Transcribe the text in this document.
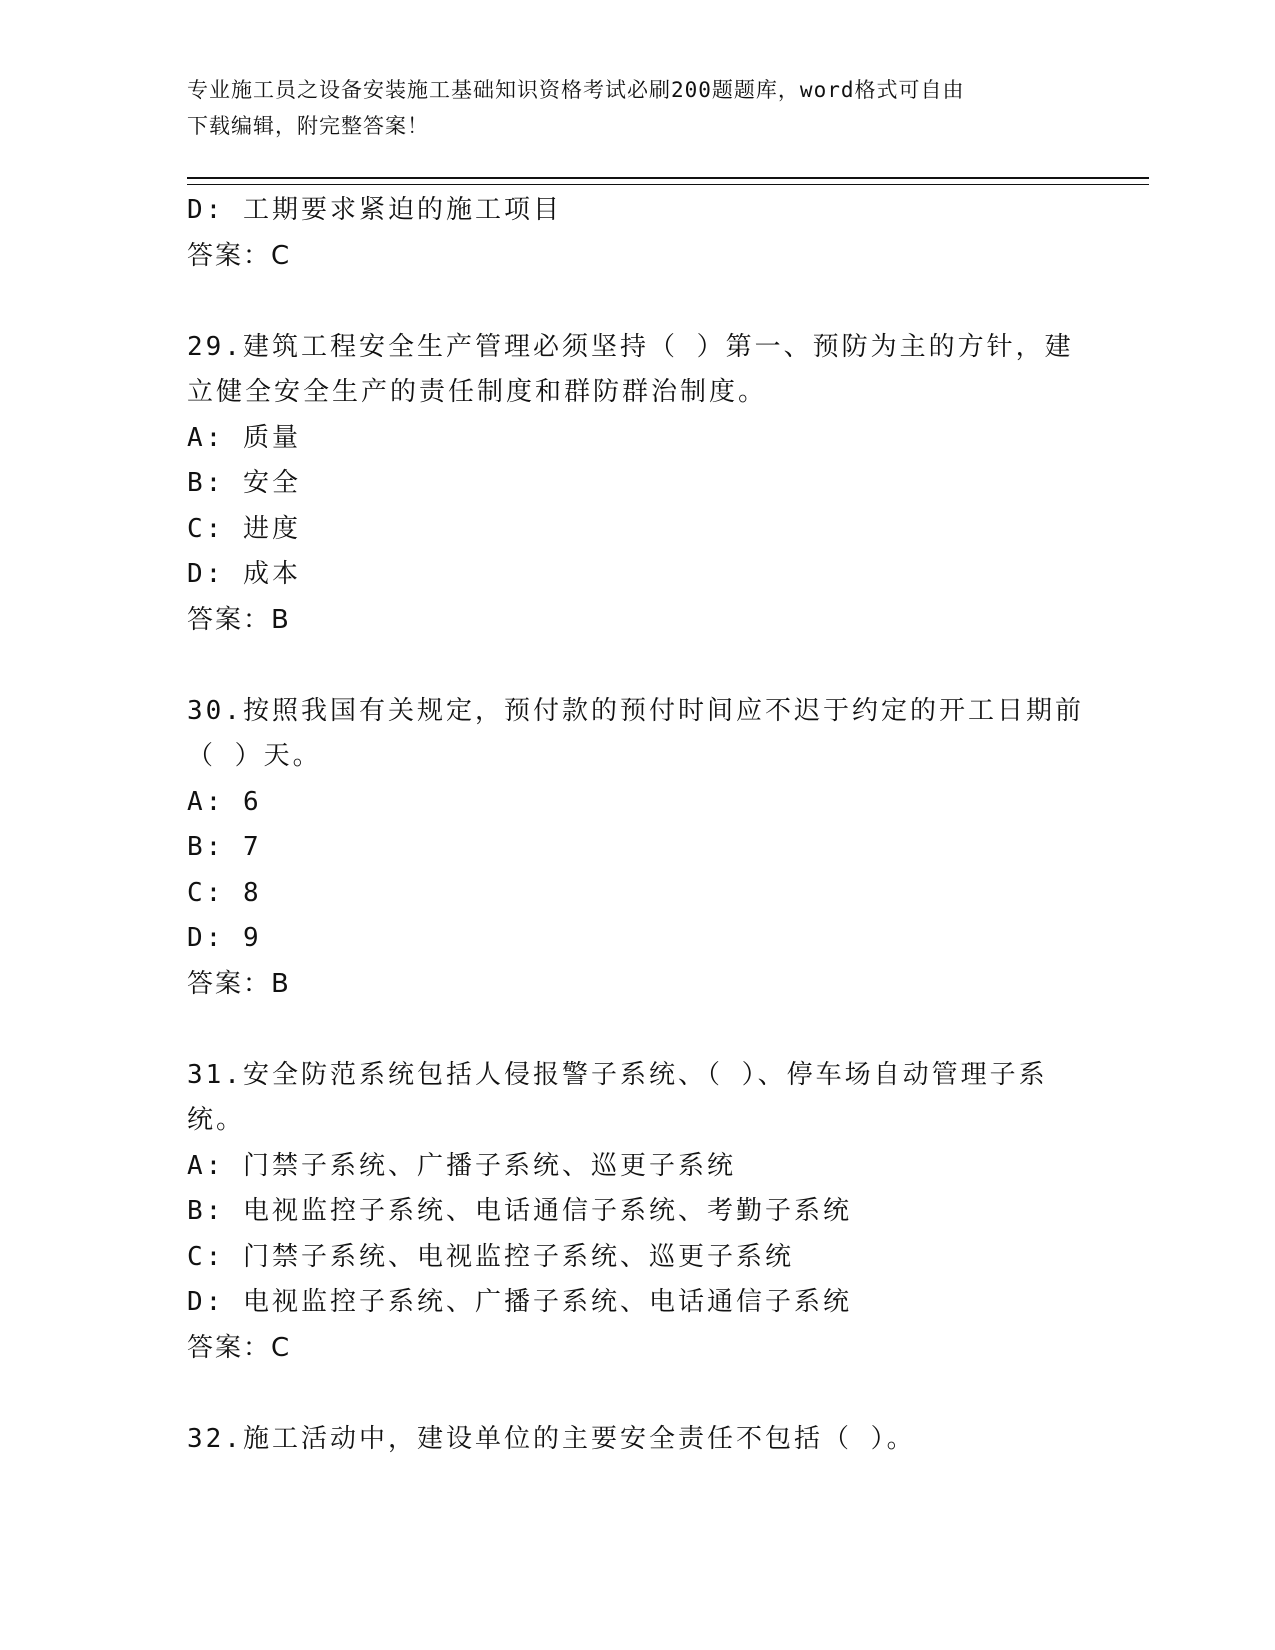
专业施工员之设备安装施工基础知识资格考试必刷200题题库，word格式可自由
下载编辑，附完整答案！
D: 工期要求紧迫的施工项目
答案：C
29.建筑工程安全生产管理必须坚持（ ）第一、预防为主的方针，建
立健全安全生产的责任制度和群防群治制度。
A: 质量
B: 安全
C: 进度
D: 成本
答案：B
30.按照我国有关规定，预付款的预付时间应不迟于约定的开工日期前
（ ）天。
A: 6
B: 7
C: 8
D: 9
答案：B
31.安全防范系统包括人侵报警子系统、（ ）、停车场自动管理子系
统。
A: 门禁子系统、广播子系统、巡更子系统
B: 电视监控子系统、电话通信子系统、考勤子系统
C: 门禁子系统、电视监控子系统、巡更子系统
D: 电视监控子系统、广播子系统、电话通信子系统
答案：C
32.施工活动中，建设单位的主要安全责任不包括（ ）。
